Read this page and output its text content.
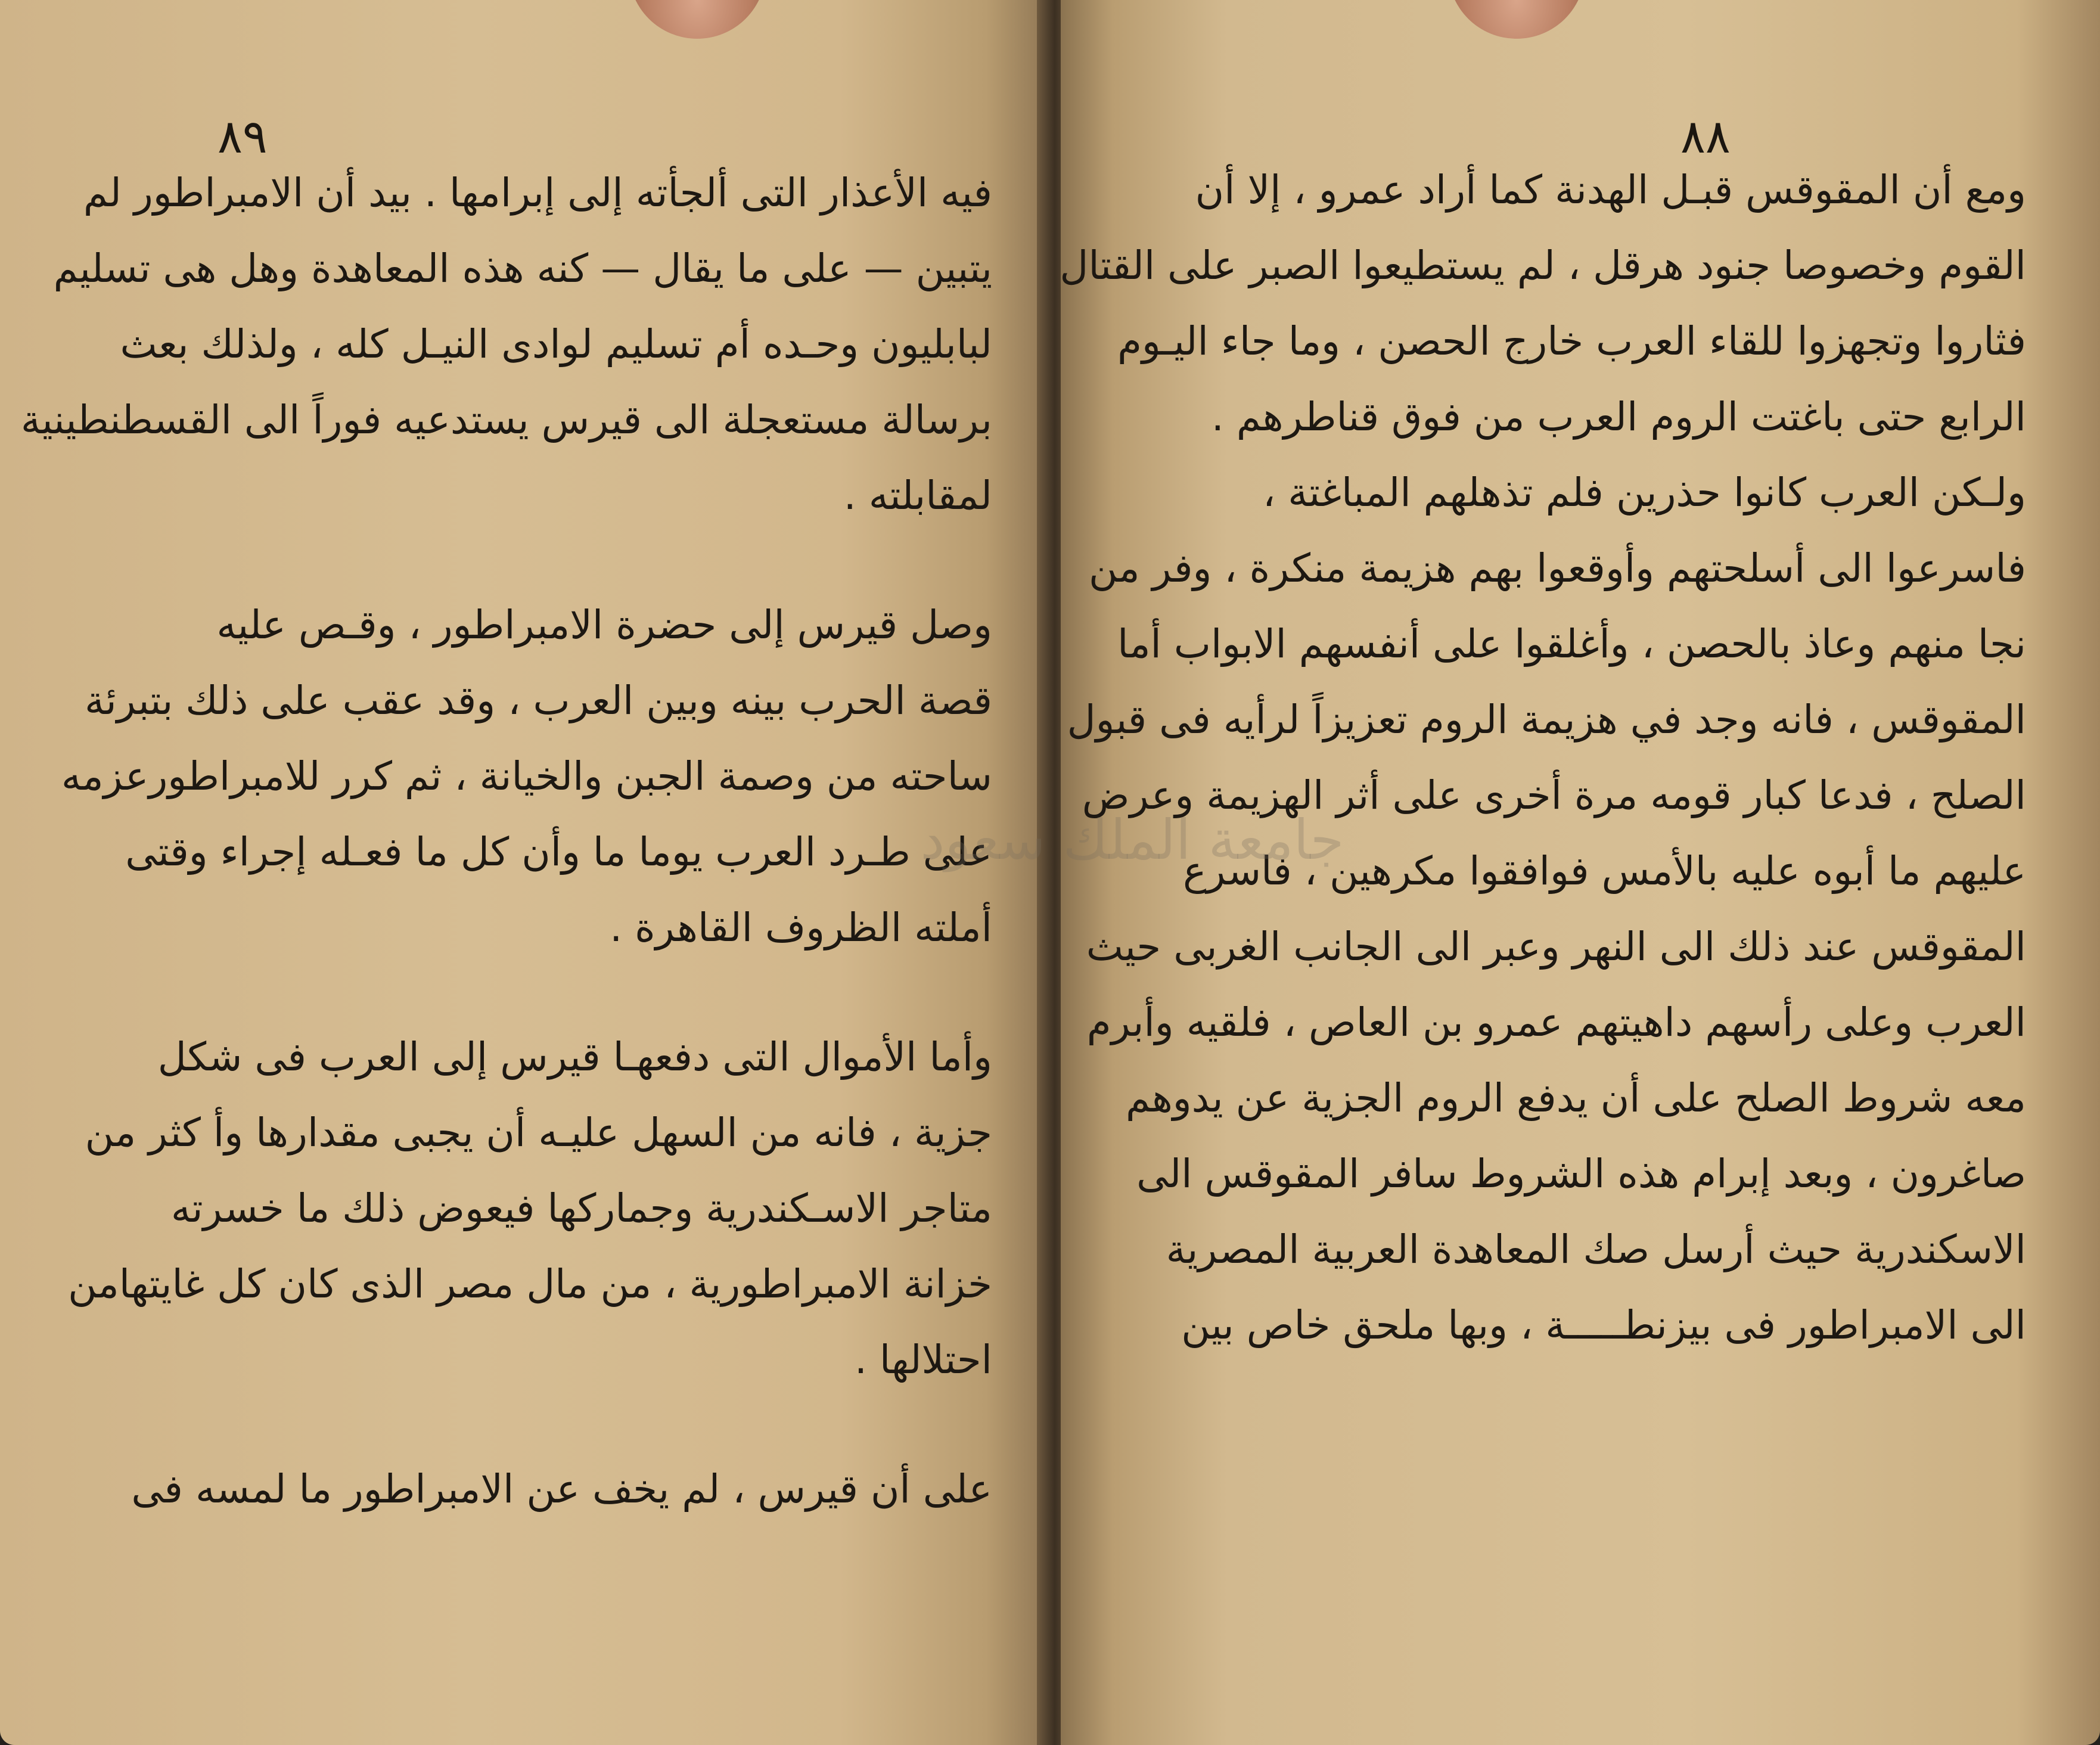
٨٩
فيه الأعذار التى ألجأته إلى إبرامها . بيد أن الامبراطور لم
يتبين — على ما يقال — كنه هذه المعاهدة وهل هى تسليم
لبابليون وحـده أم تسليم لوادى النيـل كله ، ولذلك بعث
برسالة مستعجلة الى قيرس يستدعيه فوراً الى القسطنطينية
لمقابلته .
وصل قيرس إلى حضرة الامبراطور ، وقـص عليه
قصة الحرب بينه وبين العرب ، وقد عقب على ذلك بتبرئة
ساحته من وصمة الجبن والخيانة ، ثم كرر للامبراطورعزمه
على طـرد العرب يوما ما وأن كل ما فعـله إجراء وقتى
أملته الظروف القاهرة .
وأما الأموال التى دفعهـا قيرس إلى العرب فى شكل
جزية ، فانه من السهل عليـه أن يجبى مقدارها وأ كثر من
متاجر الاسـكندرية وجماركها فيعوض ذلك ما خسرته
خزانة الامبراطورية ، من مال مصر الذى كان كل غايتهامن
احتلالها .
على أن قيرس ، لم يخف عن الامبراطور ما لمسه فى
٨٨
ومع أن المقوقس قبـل الهدنة كما أراد عمرو ، إلا أن
القوم وخصوصا جنود هرقل ، لم يستطيعوا الصبر على القتال
فثاروا وتجهزوا للقاء العرب خارج الحصن ، وما جاء اليـوم
الرابع حتى باغتت الروم العرب من فوق قناطرهم .
ولـكن العرب كانوا حذرين فلم تذهلهم المباغتة ،
فاسرعوا الى أسلحتهم وأوقعوا بهم هزيمة منكرة ، وفر من
نجا منهم وعاذ بالحصن ، وأغلقوا على أنفسهم الابواب أما
المقوقس ، فانه وجد في هزيمة الروم تعزيزاً لرأيه فى قبول
الصلح ، فدعا كبار قومه مرة أخرى على أثر الهزيمة وعرض
عليهم ما أبوه عليه بالأمس فوافقوا مكرهين ، فاسرع
المقوقس عند ذلك الى النهر وعبر الى الجانب الغربى حيث
العرب وعلى رأسهم داهيتهم عمرو بن العاص ، فلقيه وأبرم
معه شروط الصلح على أن يدفع الروم الجزية عن يدوهم
صاغرون ، وبعد إبرام هذه الشروط سافر المقوقس الى
الاسكندرية حيث أرسل صك المعاهدة العربية المصرية
الى الامبراطور فى بيزنطـــــة ، وبها ملحق خاص بين
جامعة الملك سعود
